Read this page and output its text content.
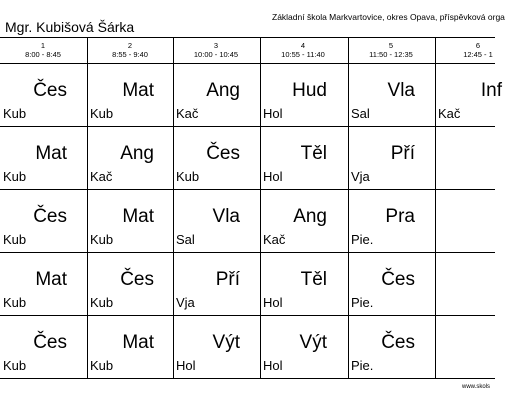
Mgr. Kubišová Šárka
Základní škola Markvartovice, okres Opava, příspěvková orga
1
8:00 - 8:45
2
8:55 - 9:40
3
10:00 - 10:45
4
10:55 - 11:40
5
11:50 - 12:35
6
12:45 - 1
Čes
Kub
Mat
Kub
Ang
Kač
Hud
Hol
Vla
Sal
Inf
Kač
Mat
Kub
Ang
Kač
Čes
Kub
Těl
Hol
Pří
Vja
Čes
Kub
Mat
Kub
Vla
Sal
Ang
Kač
Pra
Pie.
Mat
Kub
Čes
Kub
Pří
Vja
Těl
Hol
Čes
Pie.
Čes
Kub
Mat
Kub
Výt
Hol
Výt
Hol
Čes
Pie.
www.skols
